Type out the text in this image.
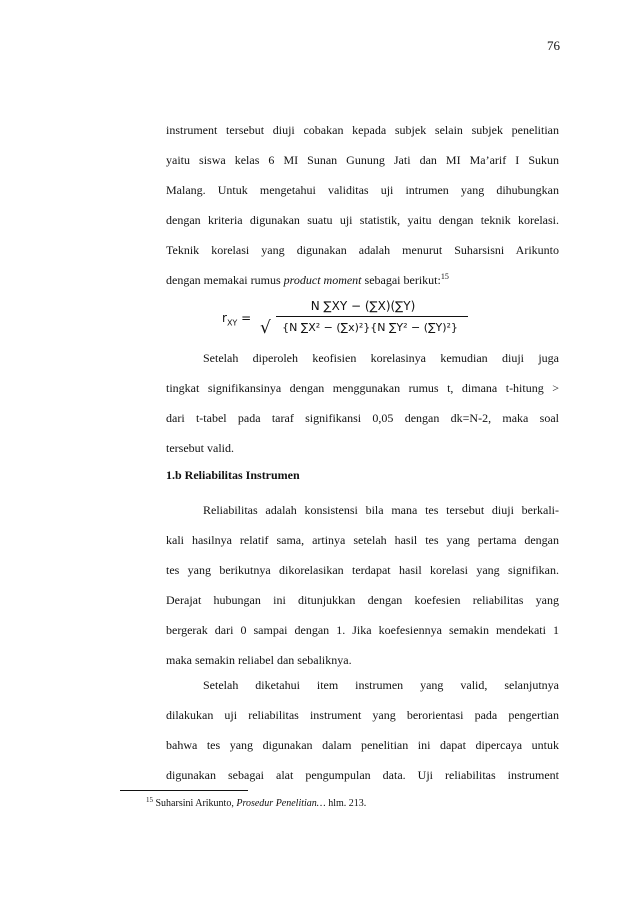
76
instrument tersebut diuji cobakan kepada subjek selain subjek penelitian
yaitu siswa kelas 6 MI Sunan Gunung Jati dan MI Ma’arif I Sukun
Malang. Untuk mengetahui validitas uji intrumen yang dihubungkan
dengan kriteria digunakan suatu uji statistik, yaitu dengan teknik korelasi.
Teknik korelasi yang digunakan adalah menurut Suharsisni Arikunto
dengan memakai rumus product moment sebagai berikut:$^{15}$
$r_{XY}$ =
N ∑XY − (∑X)(∑Y)
√	{N ∑X² − (∑x)²}{N ∑Y² − (∑Y)²}
Setelah diperoleh keofisien korelasinya kemudian diuji juga
tingkat signifikansinya dengan menggunakan rumus t, dimana t-hitung >
dari t-tabel pada taraf signifikansi 0,05 dengan dk=N-2, maka soal
tersebut valid.
1.b Reliabilitas Instrumen
Reliabilitas adalah konsistensi bila mana tes tersebut diuji berkali-
kali hasilnya relatif sama, artinya setelah hasil tes yang pertama dengan
tes yang berikutnya dikorelasikan terdapat hasil korelasi yang signifikan.
Derajat hubungan ini ditunjukkan dengan koefesien reliabilitas yang
bergerak dari 0 sampai dengan 1. Jika koefesiennya semakin mendekati 1
maka semakin reliabel dan sebaliknya.
Setelah diketahui item instrumen yang valid, selanjutnya
dilakukan uji reliabilitas instrument yang berorientasi pada pengertian
bahwa tes yang digunakan dalam penelitian ini dapat dipercaya untuk
digunakan sebagai alat pengumpulan data. Uji reliabilitas instrument
$^{15}$ Suharsini Arikunto, Prosedur Penelitian… hlm. 213.
